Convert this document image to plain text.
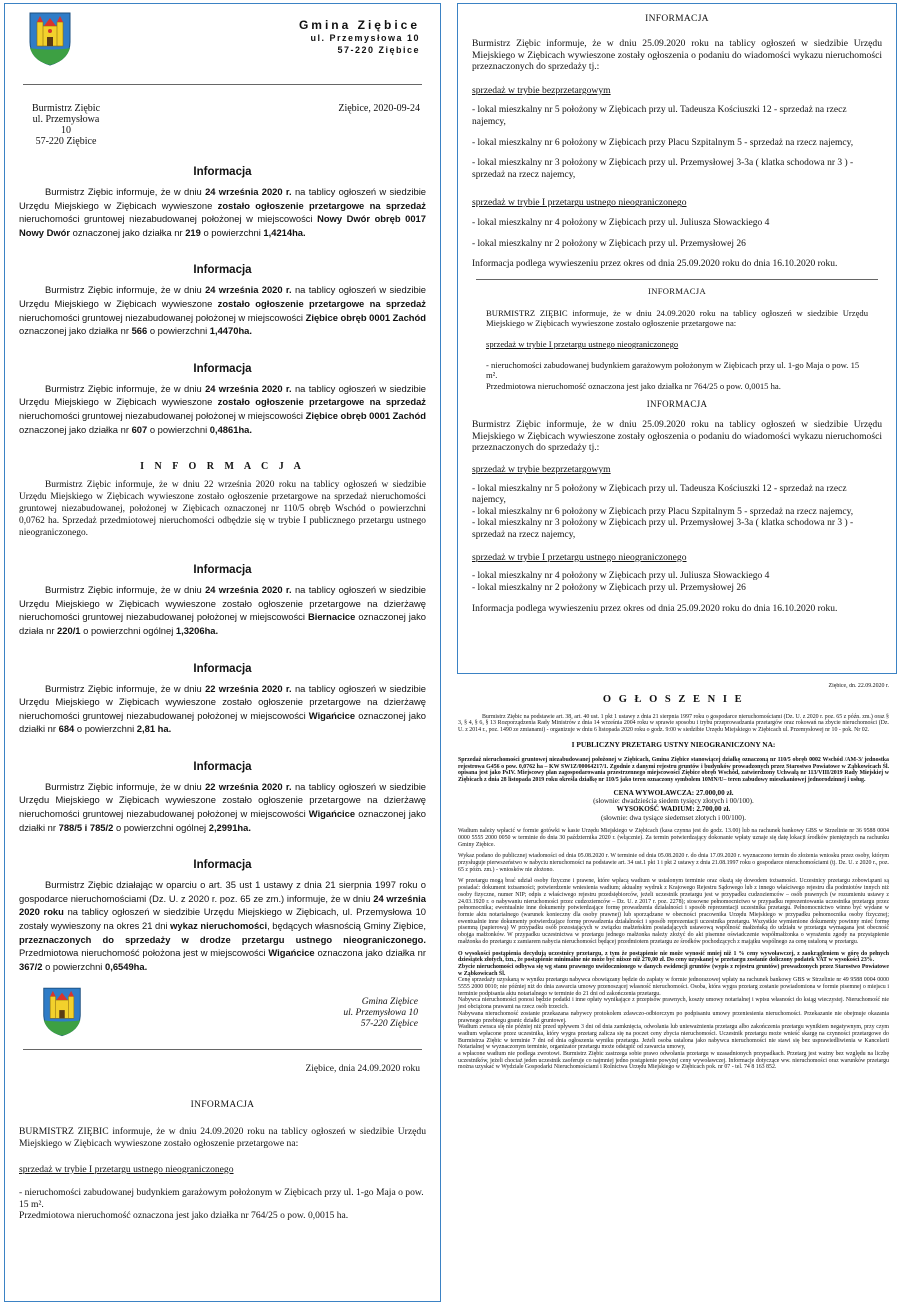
Gmina Ziębice
ul. Przemysłowa 10
57-220 Ziębice
Burmistrz Ziębic
ul. Przemysłowa 10
57-220 Ziębice
Ziębice, 2020-09-24
Informacja
Burmistrz Ziębic informuje, że w dniu 24 września 2020 r. na tablicy ogłoszeń w siedzibie Urzędu Miejskiego w Ziębicach wywieszone zostało ogłoszenie przetargowe na sprzedaż nieruchomości gruntowej niezabudowanej położonej w miejscowości Nowy Dwór obręb 0017 Nowy Dwór oznaczonej jako działka nr 219 o powierzchni 1,4214ha.
Informacja
Burmistrz Ziębic informuje, że w dniu 24 września 2020 r. na tablicy ogłoszeń w siedzibie Urzędu Miejskiego w Ziębicach wywieszone zostało ogłoszenie przetargowe na sprzedaż nieruchomości gruntowej niezabudowanej położonej w miejscowości Ziębice obręb 0001 Zachód oznaczonej jako działka nr 566 o powierzchni 1,4470ha.
Informacja
Burmistrz Ziębic informuje, że w dniu 24 września 2020 r. na tablicy ogłoszeń w siedzibie Urzędu Miejskiego w Ziębicach wywieszone zostało ogłoszenie przetargowe na sprzedaż nieruchomości gruntowej niezabudowanej położonej w miejscowości Ziębice obręb 0001 Zachód oznaczonej jako działka nr 607 o powierzchni 0,4861ha.
I N F O R M A C J A
Burmistrz Ziębic informuje, że w dniu 22 września 2020 roku na tablicy ogłoszeń w siedzibie Urzędu Miejskiego w Ziębicach wywieszone zostało ogłoszenie przetargowe na sprzedaż nieruchomości gruntowej niezabudowanej, położonej w Ziębicach oznaczonej nr 110/5 obręb Wschód o powierzchni 0,0762 ha. Sprzedaż przedmiotowej nieruchomości odbędzie się w trybie I publicznego przetargu ustnego nieograniczonego.
Informacja
Burmistrz Ziębic informuje, że w dniu 24 września 2020 r. na tablicy ogłoszeń w siedzibie Urzędu Miejskiego w Ziębicach wywieszone zostało ogłoszenie przetargowe na dzierżawę nieruchomości gruntowej niezabudowanej położonej w miejscowości Biernacice oznaczonej jako działa nr 220/1 o powierzchni ogólnej 1,3206ha.
Informacja
Burmistrz Ziębic informuje, że w dniu 22 września 2020 r. na tablicy ogłoszeń w siedzibie Urzędu Miejskiego w Ziębicach wywieszone zostało ogłoszenie przetargowe na dzierżawę nieruchomości gruntowej niezabudowanej położonej w miejscowości Wigańcice oznaczonej jako działki nr 684 o powierzchni 2,81 ha.
Informacja
Burmistrz Ziębic informuje, że w dniu 22 września 2020 r. na tablicy ogłoszeń w siedzibie Urzędu Miejskiego w Ziębicach wywieszone zostało ogłoszenie przetargowe na dzierżawę nieruchomości gruntowej niezabudowanej położonej w miejscowości Wigańcice oznaczonej jako działki nr 788/5 i 785/2 o powierzchni ogólnej 2,2991ha.
Informacja
Burmistrz Ziębic działając w oparciu o art. 35 ust 1 ustawy z dnia 21 sierpnia 1997 roku o gospodarce nieruchomościami (Dz. U. z 2020 r. poz. 65 ze zm.) informuje, że w dniu 24 września 2020 roku na tablicy ogłoszeń w siedzibie Urzędu Miejskiego w Ziębicach, ul. Przemysłowa 10 zostały wywieszony na okres 21 dni wykaz nieruchomości, będących własnością Gminy Ziębice, przeznaczonych do sprzedaży w drodze przetargu ustnego nieograniczonego. Przedmiotowa nieruchomość położona jest w miejscowości Wigańcice oznaczona jako działka nr 367/2 o powierzchni 0,6549ha.
Gmina Ziębice
ul. Przemysłowa 10
57-220 Ziębice
Ziębice, dnia 24.09.2020 roku
INFORMACJA
BURMISTRZ ZIĘBIC informuje, że w dniu 24.09.2020 roku na tablicy ogłoszeń w siedzibie Urzędu Miejskiego w Ziębicach wywieszone zostało ogłoszenie przetargowe na:
sprzedaż w trybie I przetargu ustnego nieograniczonego
- nieruchomości zabudowanej budynkiem garażowym położonym w Ziębicach przy ul. 1-go Maja o pow. 15 m².
Przedmiotowa nieruchomość oznaczona jest jako działka nr 764/25 o pow. 0,0015 ha.
INFORMACJA
Burmistrz Ziębic informuje, że w dniu 25.09.2020 roku na tablicy ogłoszeń w siedzibie Urzędu Miejskiego w Ziębicach wywieszone zostały ogłoszenia o podaniu do wiadomości wykazu nieruchomości przeznaczonych do sprzedaży tj.:
sprzedaż w trybie bezprzetargowym
- lokal mieszkalny nr 5 położony w Ziębicach przy ul. Tadeusza Kościuszki 12 - sprzedaż na rzecz najemcy,
- lokal mieszkalny nr 6 położony w Ziębicach przy Placu Szpitalnym 5 - sprzedaż na rzecz najemcy,
- lokal mieszkalny nr 3 położony w Ziębicach przy ul. Przemysłowej 3-3a ( klatka schodowa nr 3 ) - sprzedaż na rzecz najemcy,
sprzedaż w trybie I przetargu ustnego nieograniczonego
- lokal mieszkalny nr 4 położony w Ziębicach przy ul. Juliusza Słowackiego 4
- lokal mieszkalny nr 2 położony w Ziębicach przy ul. Przemysłowej 26
Informacja podlega wywieszeniu przez okres od dnia 25.09.2020 roku do dnia 16.10.2020 roku.
INFORMACJA
BURMISTRZ ZIĘBIC informuje, że w dniu 24.09.2020 roku na tablicy ogłoszeń w siedzibie Urzędu Miejskiego w Ziębicach wywieszone zostało ogłoszenie przetargowe na:
sprzedaż w trybie I przetargu ustnego nieograniczonego
- nieruchomości zabudowanej budynkiem garażowym położonym w Ziębicach przy ul. 1-go Maja o pow. 15 m².
Przedmiotowa nieruchomość oznaczona jest jako działka nr 764/25 o pow. 0,0015 ha.
INFORMACJA
Burmistrz Ziębic informuje, że w dniu 25.09.2020 roku na tablicy ogłoszeń w siedzibie Urzędu Miejskiego w Ziębicach wywieszone zostały ogłoszenia o podaniu do wiadomości wykazu nieruchomości przeznaczonych do sprzedaży tj.:
sprzedaż w trybie bezprzetargowym
- lokal mieszkalny nr 5 położony w Ziębicach przy ul. Tadeusza Kościuszki 12 - sprzedaż na rzecz najemcy,
- lokal mieszkalny nr 6 położony w Ziębicach przy Placu Szpitalnym 5 - sprzedaż na rzecz najemcy,
- lokal mieszkalny nr 3 położony w Ziębicach przy ul. Przemysłowej 3-3a ( klatka schodowa nr 3 ) - sprzedaż na rzecz najemcy,
sprzedaż w trybie I przetargu ustnego nieograniczonego
- lokal mieszkalny nr 4 położony w Ziębicach przy ul. Juliusza Słowackiego 4
- lokal mieszkalny nr 2 położony w Ziębicach przy ul. Przemysłowej 26
Informacja podlega wywieszeniu przez okres od dnia 25.09.2020 roku do dnia 16.10.2020 roku.
Ziębice, dn. 22.09.2020 r.
O G Ł O S Z E N I E
Burmistrz Ziębic na podstawie art. 38, art. 40 ust. 1 pkt 1 ustawy z dnia 21 sierpnia 1997 roku o gospodarce nieruchomościami (Dz. U. z 2020 r. poz. 65 z późn. zm.) oraz § 3, § 4, § 6, § 13 Rozporządzenia Rady Ministrów z dnia 14 września 2004 roku w sprawie sposobu i trybu przeprowadzania przetargów oraz rokowań na zbycie nieruchomości (Dz. U. z 2014 r., poz. 1490 ze zmianami) - organizuje w dniu 6 listopada 2020 roku o godz. 9:00 w siedzibie Urzędu Miejskiego w Ziębicach ul. Przemysłowej nr 10 - pok. Nr 02.
I PUBLICZNY PRZETARG USTNY NIEOGRANICZONY NA:
Sprzedaż nieruchomości gruntowej niezabudowanej położonej w Ziębicach, Gmina Ziębice stanowiącej działkę oznaczoną nr 110/5 obręb 0002 Wschód /AM-3/ jednostka rejestrowa G456 o pow. 0,0762 ha – KW SW1Z/00064217/1. Zgodnie z danymi rejestru gruntów i budynków prowadzonych przez Starostwo Powiatowe w Ząbkowicach Śl. opisana jest jako PsIV. Miejscowy plan zagospodarowania przestrzennego miejscowości Ziębice obręb Wschód, zatwierdzony Uchwałą nr 113/VIII/2019 Rady Miejskiej w Ziębicach z dnia 28 listopada 2019 roku określa działkę nr 110/5 jako teren oznaczony symbolem 10MN/U– teren zabudowy mieszkaniowej jednorodzinnej i usług.
CENA WYWOŁAWCZA: 27.000,00 zł.
(słownie: dwadzieścia siedem tysięcy złotych i 00/100).
WYSOKOŚĆ WADIUM: 2.700,00 zł.
(słownie: dwa tysiące siedemset złotych i 00/100).
Wadium należy wpłacić w formie gotówki w kasie Urzędu Miejskiego w Ziębicach (kasa czynna jest do godz. 13.00) lub na rachunek bankowy GBS w Strzelinie nr 36 9588 0004 0000 5555 2000 0050 w terminie do dnia 30 października 2020 r. (włącznie). Za termin potwierdzający dokonanie wpłaty uznaje się datę lokacji środków pieniężnych na rachunku Gminy Ziębice.
Wykaz podano do publicznej wiadomości od dnia 05.08.2020 r. W terminie od dnia 05.08.2020 r. do dnia 17.09.2020 r. wyznaczono termin do złożenia wniosku przez osoby, którym przysługuje pierwszeństwo w nabyciu nieruchomości na podstawie art. 34 ust.1 pkt 1 i pkt 2 ustawy z dnia 21.08.1997 roku o gospodarce nieruchomościami (tj. Dz. U. z 2020 r., poz. 65 z późn. zm.) - wniosków nie złożono.
W przetargu mogą brać udział osoby fizyczne i prawne, które wpłacą wadium w ustalonym terminie oraz okażą się dowodem tożsamości. Uczestnicy przetargu zobowiązani są posiadać: dokument tożsamości; potwierdzenie wniesienia wadium; aktualny wydruk z Krajowego Rejestru Sądowego lub z innego właściwego rejestru dla podmiotów innych niż osoby fizyczne, numer NIP; odpis z właściwego rejestru przedsiębiorców, jeżeli uczestnik przetargu jest w przypadku cudzoziemców – osób prawnych (w rozumieniu ustawy z 24.03.1920 r. o nabywaniu nieruchomości przez cudzoziemców – Dz. U. z 2017 r. poz. 2278); stosowne pełnomocnictwo w przypadku reprezentowania uczestnika przetargu przez pełnomocnika; ewentualnie inne dokumenty potwierdzające formę prowadzenia działalności i sposób reprezentacji uczestnika przetargu. Pełnomocnictwo winno być wydane w formie aktu notarialnego (warunek konieczny dla osoby prawnej) lub sporządzane w obecności pracownika Urzędu Miejskiego w przypadku pełnomocnika osoby fizycznej; ewentualnie inne dokumenty potwierdzające formę prowadzenia działalności i sposób reprezentacji uczestnika przetargu. Wszystkie wymienione dokumenty powinny mieć formę pisemną (papierową) W przypadku osób pozostających w związku małżeńskim posiadających ustawową wspólność małżeńską do udziału w przetargu wymagana jest obecność obojga małżonków. W przypadku uczestnictwa w przetargu jednego małżonka należy złożyć do akt pisemne oświadczenie współmałżonka o wyrażeniu zgody na przystąpienie małżonka do przetargu z zamiarem nabycia nieruchomości będącej przedmiotem przetargu ze środków pochodzących z majątku wspólnego za cenę ustaloną w przetargu.
O wysokości postąpienia decydują uczestnicy przetargu, z tym że postąpienie nie może wynosić mniej niż 1 % ceny wywoławczej, z zaokrągleniem w górę do pełnych dziesiątek złotych, tzn., że postąpienie minimalne nie może być niższe niż 270,00 zł. Do ceny uzyskanej w przetargu zostanie doliczony podatek VAT w wysokości 23%.
Zbycie nieruchomości odbywa się wg stanu prawnego uwidocznionego w danych ewidencji gruntów (wypis z rejestru gruntów) prowadzonych przez Starostwo Powiatowe w Ząbkowicach Śl.
Cenę sprzedaży uzyskaną w wyniku przetargu nabywca obowiązany będzie do zapłaty w formie jednorazowej wpłaty na rachunek bankowy GBS w Strzelinie nr 49 9588 0004 0000 5555 2000 0010; nie później niż do dnia zawarcia umowy przenoszącej własność nieruchomości. Osoba, która wygra przetarg zostanie powiadomiona w formie pisemnej o miejscu i terminie podpisania aktu notarialnego w terminie do 21 dni od zakończenia przetargu.
Nabywca nieruchomości ponosi będzie podatki i inne opłaty wynikające z przepisów prawnych, koszty umowy notarialnej i wpisu własności do ksiąg wieczystej. Nieruchomość nie jest obciążona prawami na rzecz osób trzecich.
Nabywana nieruchomość zostanie przekazana nabywcy protokolem zdawczo-odbiorczym po podpisaniu umowy przeniesienia nieruchomości. Przekazanie nie obejmuje okazania prawnego przebiegu granic działki gruntowej.
Wadium zwraca się nie później niż przed upływem 3 dni od dnia zamknięcia, odwołania lub unieważnienia przetargu albo zakończenia przetargu wynikiem negatywnym, przy czym wadium wpłacone przez uczestnika, który wygra przetarg zalicza się na poczet ceny zbycia nieruchomości. Uczestnik przetargu może wnieść skargę na czynności przetargowe do Burmistrza Ziębic w terminie 7 dni od dnia ogłoszenia wyniku przetargu. Jeżeli osoba ustalona jako nabywca nieruchomości nie stawi się bez usprawiedliwienia w Kancelarii Notarialnej w wyznaczonym terminie, organizator przetargu może odstąpić od zawarcia umowy,
a wpłacone wadium nie podlega zwrotowi. Burmistrz Ziębic zastrzega sobie prawo odwołania przetargu w uzasadnionych przypadkach. Przetarg jest ważny bez względu na liczbę uczestników, jeżeli chociaż jeden uczestnik zaoferuje co najmniej jedno postąpienie powyżej ceny wywoławczej. Informacje dotyczące ww. nieruchomości oraz warunków przetargu można uzyskać w Wydziale Gospodarki Nieruchomościami i Rolnictwa Urzędu Miejskiego w Ziębicach pok. nr 07 - tel. 74 8 163 852.
